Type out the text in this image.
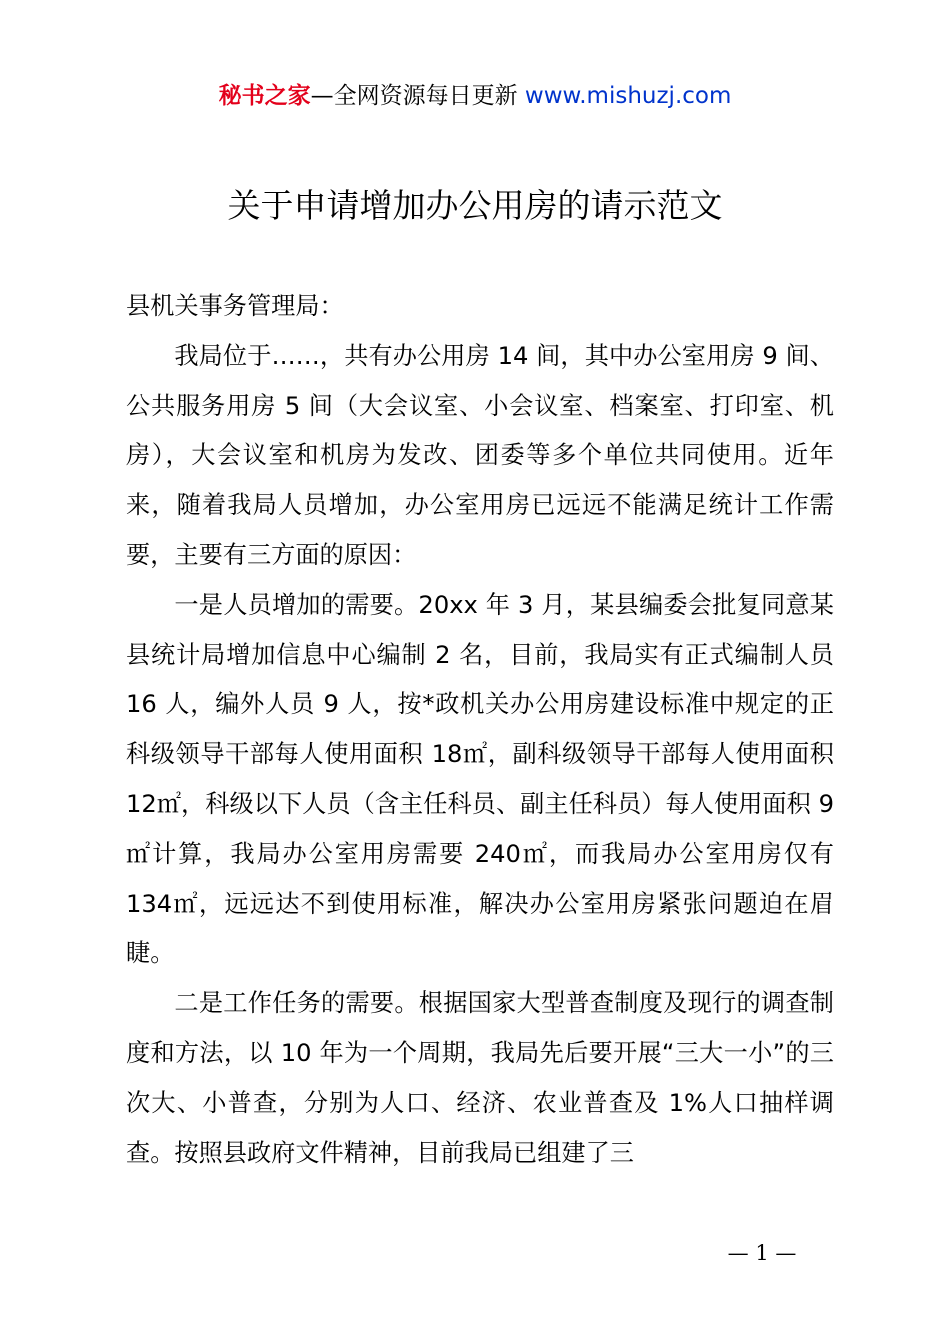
秘书之家—全网资源每日更新 www.mishuzj.com
关于申请增加办公用房的请示范文

县机关事务管理局：

我局位于……，共有办公用房 14 间，其中办公室用房 9 间、公共服务用房 5 间（大会议室、小会议室、档案室、打印室、机房），大会议室和机房为发改、团委等多个单位共同使用。近年来，随着我局人员增加，办公室用房已远远不能满足统计工作需要，主要有三方面的原因：

一是人员增加的需要。20xx 年 3 月，某县编委会批复同意某县统计局增加信息中心编制 2 名，目前，我局实有正式编制人员 16 人，编外人员 9 人，按*政机关办公用房建设标准中规定的正科级领导干部每人使用面积 18㎡，副科级领导干部每人使用面积 12㎡，科级以下人员（含主任科员、副主任科员）每人使用面积 9㎡计算，我局办公室用房需要 240㎡，而我局办公室用房仅有 134㎡，远远达不到使用标准，解决办公室用房紧张问题迫在眉睫。

二是工作任务的需要。根据国家大型普查制度及现行的调查制度和方法，以 10 年为一个周期，我局先后要开展“三大一小”的三次大、小普查，分别为人口、经济、农业普查及 1%人口抽样调查。按照县政府文件精神，目前我局已组建了三

— 1 —
